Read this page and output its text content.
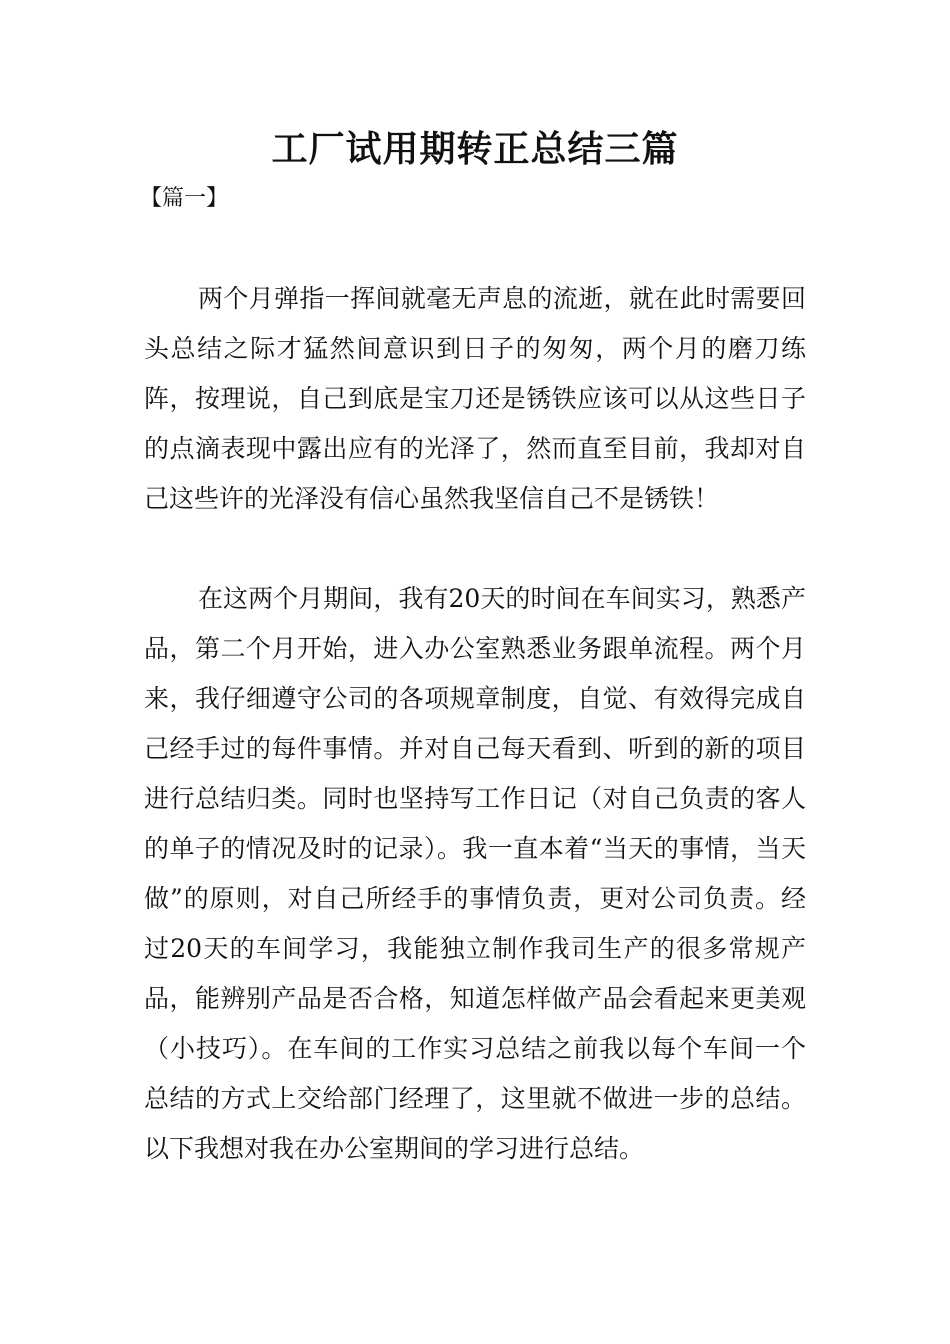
工厂试用期转正总结三篇
【篇一】

两个月弹指一挥间就毫无声息的流逝，就在此时需要回头总结之际才猛然间意识到日子的匆匆，两个月的磨刀练阵，按理说，自己到底是宝刀还是锈铁应该可以从这些日子的点滴表现中露出应有的光泽了，然而直至目前，我却对自己这些许的光泽没有信心虽然我坚信自己不是锈铁！

在这两个月期间，我有20天的时间在车间实习，熟悉产品，第二个月开始，进入办公室熟悉业务跟单流程。两个月来，我仔细遵守公司的各项规章制度，自觉、有效得完成自己经手过的每件事情。并对自己每天看到、听到的新的项目进行总结归类。同时也坚持写工作日记（对自己负责的客人的单子的情况及时的记录）。我一直本着“当天的事情，当天做”的原则，对自己所经手的事情负责，更对公司负责。经过20天的车间学习，我能独立制作我司生产的很多常规产品，能辨别产品是否合格，知道怎样做产品会看起来更美观（小技巧）。在车间的工作实习总结之前我以每个车间一个总结的方式上交给部门经理了，这里就不做进一步的总结。以下我想对我在办公室期间的学习进行总结。
